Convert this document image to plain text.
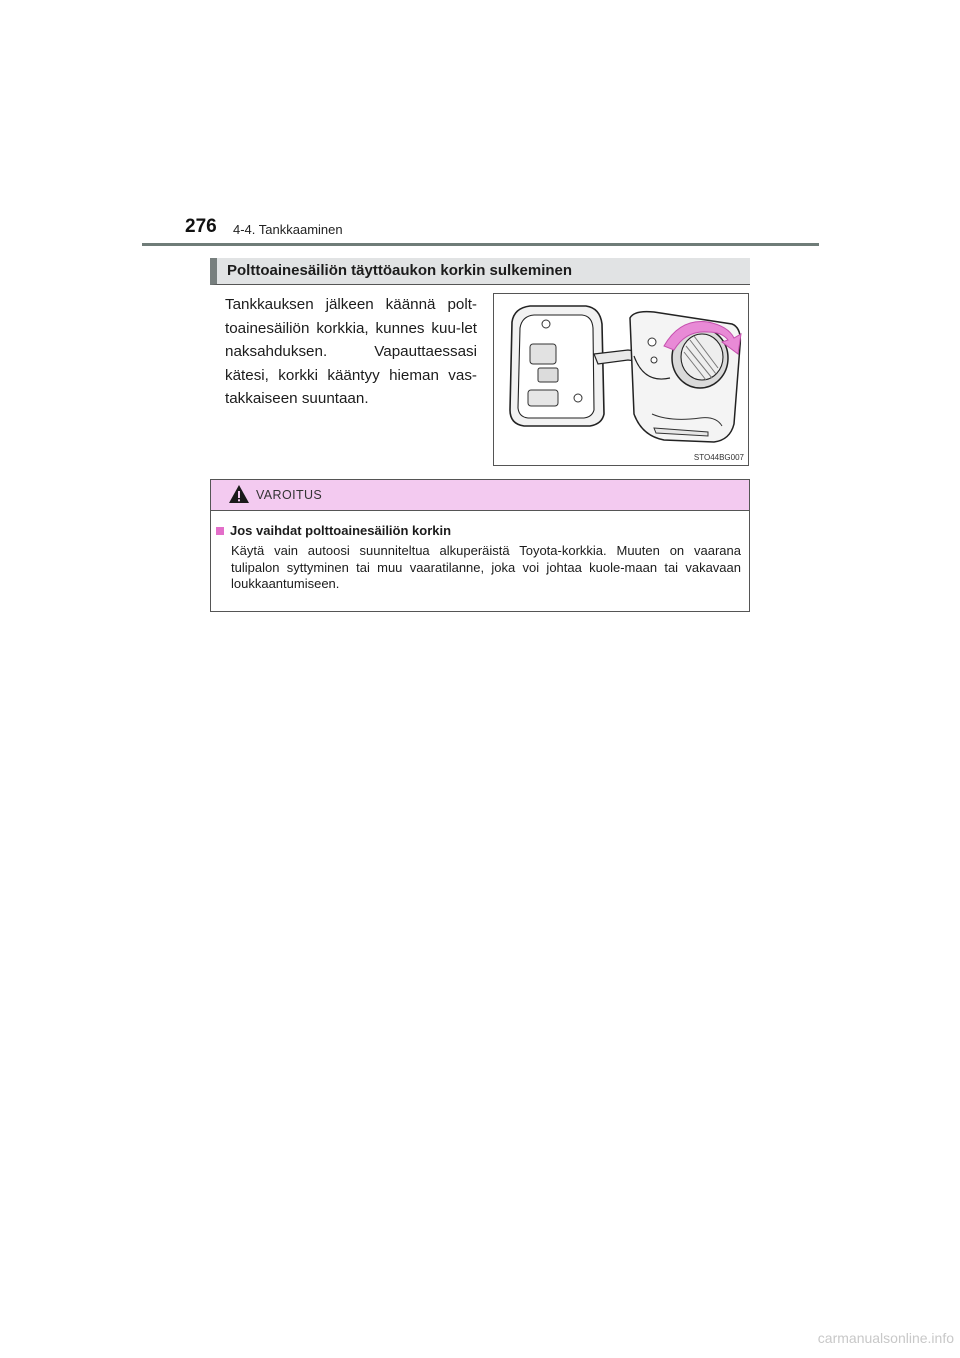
276 4-4. Tankkaaminen
Polttoainesäiliön täyttöaukon korkin sulkeminen
Tankkauksen jälkeen käännä polt-toainesäiliön korkkia, kunnes kuu-let naksahduksen. Vapauttaessasi kätesi, korkki kääntyy hieman vas-takkaiseen suuntaan.
STO44BG007
VAROITUS
Jos vaihdat polttoainesäiliön korkin
Käytä vain autoosi suunniteltua alkuperäistä Toyota-korkkia. Muuten on vaarana tulipalon syttyminen tai muu vaaratilanne, joka voi johtaa kuole-maan tai vakavaan loukkaantumiseen.
carmanualsonline.info
